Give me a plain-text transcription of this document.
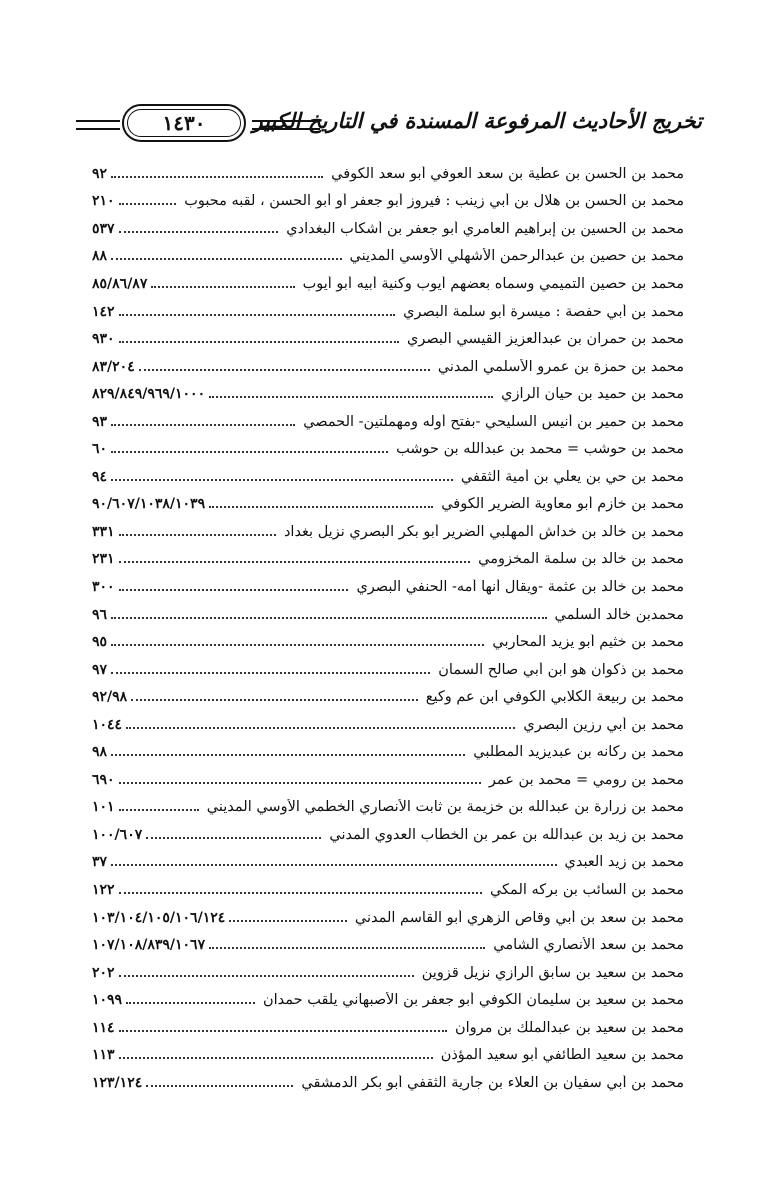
١٤٣٠	تخريج الأحاديث المرفوعة المسندة في التاريخ الكبير
محمد بن الحسن بن عطية بن سعد العوفي أبو سعد الكوفي
٩٢
محمد بن الحسن بن هلال بن أبي زينب : فيروز أبو جعفر أو أبو الحسن ، لقبه محبوب
٢١٠
محمد بن الحسين بن إبراهيم العامري أبو جعفر بن أشكاب البغدادي
٥٣٧
محمد بن حصين بن عبدالرحمن الأشهلي الأوسي المديني
٨٨
محمد بن حصين التميمي وسماه بعضهم أيوب وكنية أبيه أبو أيوب
٨٥/٨٦/٨٧
محمد بن أبي حفصة : ميسرة أبو سلمة البصري
١٤٢
محمد بن حمران بن عبدالعزيز القيسي البصري
٩٣٠
محمد بن حمزة بن عمرو الأسلمي المدني
٨٣/٢٠٤
محمد بن حميد بن حيان الرازي
٨٢٩/٨٤٩/٩٦٩/١٠٠٠
محمد بن حمير بن أنيس السليحي -بفتح أوله ومهملتين- الحمصي
٩٣
محمد بن حوشب = محمد بن عبدالله بن حوشب
٦٠
محمد بن حي بن يعلي بن أمية الثقفي
٩٤
محمد بن خازم أبو معاوية الضرير الكوفي
٩٠/٦٠٧/١٠٣٨/١٠٣٩
محمد بن خالد بن خداش المهلبي الضرير أبو بكر البصري نزيل بغداد
٣٣١
محمد بن خالد بن سلمة المخزومي
٢٣١
محمد بن خالد بن عثمة -ويقال أنها أمه- الحنفي البصري
٣٠٠
محمدبن خالد السلمي
٩٦
محمد بن خثيم أبو يزيد المحاربي
٩٥
محمد بن ذكوان هو ابن أبي صالح السمان
٩٧
محمد بن ربيعة الكلابي الكوفي ابن عم وكيع
٩٢/٩٨
محمد بن أبي رزين البصري
١٠٤٤
محمد بن ركانه بن عبديزيد المطلبي
٩٨
محمد بن رومي = محمد بن عمر
٦٩٠
محمد بن زرارة بن عبدالله بن خزيمة بن ثابت الأنصاري الخطمي الأوسي المديني
١٠١
محمد بن زيد بن عبدالله بن عمر بن الخطاب العدوي المدني
١٠٠/٦٠٧
محمد بن زيد العبدي
٣٧
محمد بن السائب بن بركه المكي
١٢٢
محمد بن سعد بن أبي وقاص الزهري أبو القاسم المدني
١٠٣/١٠٤/١٠٥/١٠٦/١٢٤
محمد بن سعد الأنصاري الشامي
١٠٧/١٠٨/٨٣٩/١٠٦٧
محمد بن سعيد بن سابق الرازي نزيل قزوين
٢٠٢
محمد بن سعيد بن سليمان الكوفي أبو جعفر بن الأصبهاني يلقب حمدان
١٠٩٩
محمد بن سعيد بن عبدالملك بن مروان
١١٤
محمد بن سعيد الطائفي أبو سعيد المؤذن
١١٣
محمد بن أبي سفيان بن العلاء بن جارية الثقفي أبو بكر الدمشقي
١٢٣/١٢٤
